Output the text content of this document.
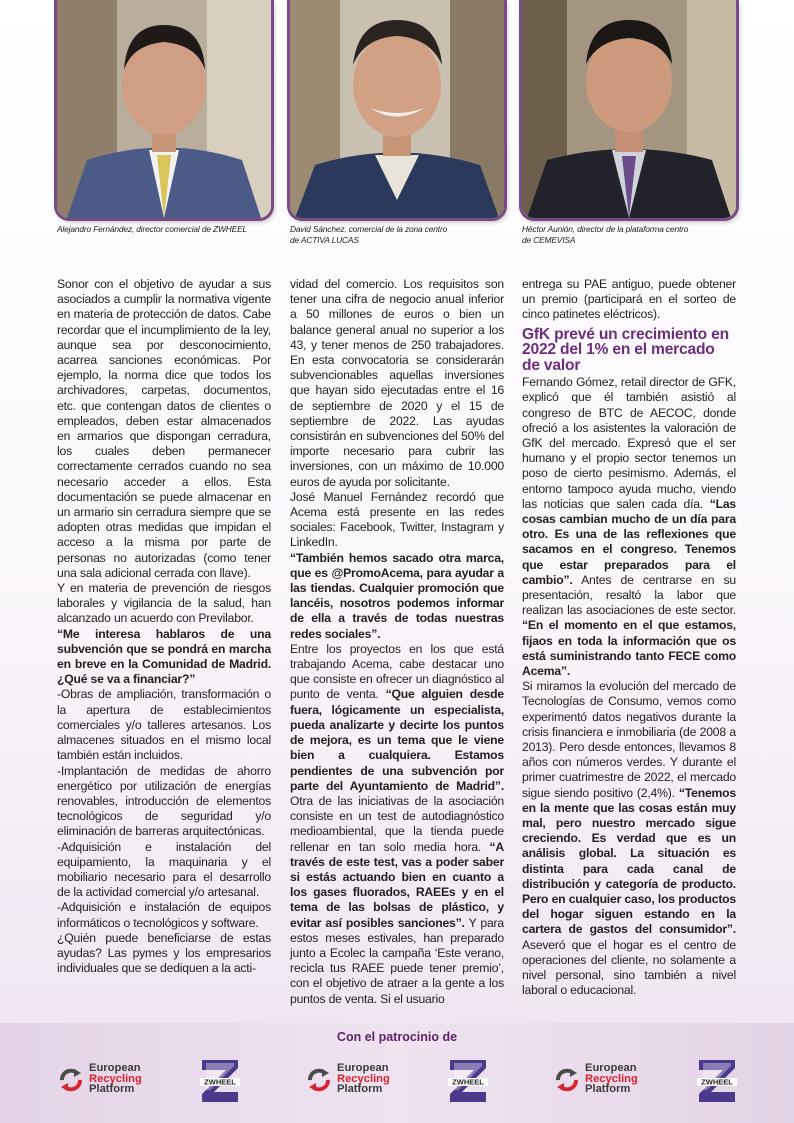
Alejandro Fernández, director comercial de ZWHEEL	David Sánchez, comercial de la zona centro
de ACTIVA LUCAS
Héctor Aunión, director de la plataforma centro
de CEMEVISA

Sonor con el objetivo de ayudar a sus asociados a cumplir la normativa vigente en materia de protección de datos. Cabe recordar que el incumplimiento de la ley, aunque sea por desconocimiento, acarrea sanciones económicas. Por ejemplo, la norma dice que todos los archivadores, carpetas, documentos, etc. que contengan datos de clientes o empleados, deben estar almacenados en armarios que dispongan cerradura, los cuales deben permanecer correctamente cerrados cuando no sea necesario acceder a ellos. Esta documentación se puede almacenar en un armario sin cerradura siempre que se adopten otras medidas que impidan el acceso a la misma por parte de personas no autorizadas (como tener una sala adicional cerrada con llave).

Y en materia de prevención de riesgos laborales y vigilancia de la salud, han alcanzado un acuerdo con Previlabor.

“Me interesa hablaros de una subvención que se pondrá en marcha en breve en la Comunidad de Madrid. ¿Qué se va a financiar?”

-Obras de ampliación, transformación o la apertura de establecimientos comerciales y/o talleres artesanos. Los almacenes situados en el mismo local también están incluidos.

-Implantación de medidas de ahorro energético por utilización de energías renovables, introducción de elementos tecnológicos de seguridad y/o eliminación de barreras arquitectónicas.

-Adquisición e instalación del equipamiento, la maquinaria y el mobiliario necesario para el desarrollo de la actividad comercial y/o artesanal.

-Adquisición e instalación de equipos informáticos o tecnológicos y software.

¿Quién puede beneficiarse de estas ayudas? Las pymes y los empresarios individuales que se dediquen a la acti-

vidad del comercio. Los requisitos son tener una cifra de negocio anual inferior a 50 millones de euros o bien un balance general anual no superior a los 43, y tener menos de 250 trabajadores. En esta convocatoria se considerarán subvencionables aquellas inversiones que hayan sido ejecutadas entre el 16 de septiembre de 2020 y el 15 de septiembre de 2022. Las ayudas consistirán en subvenciones del 50% del importe necesario para cubrir las inversiones, con un máximo de 10.000 euros de ayuda por solicitante.

José Manuel Fernández recordó que Acema está presente en las redes sociales: Facebook, Twitter, Instagram y LinkedIn.

“También hemos sacado otra marca, que es @PromoAcema, para ayudar a las tiendas. Cualquier promoción que lancéis, nosotros podemos informar de ella a través de todas nuestras redes sociales”.

Entre los proyectos en los que está trabajando Acema, cabe destacar uno que consiste en ofrecer un diagnóstico al punto de venta. “Que alguien desde fuera, lógicamente un especialista, pueda analizarte y decirte los puntos de mejora, es un tema que le viene bien a cualquiera. Estamos pendientes de una subvención por parte del Ayuntamiento de Madrid”. Otra de las iniciativas de la asociación consiste en un test de autodiagnóstico medioambiental, que la tienda puede rellenar en tan solo media hora. “A través de este test, vas a poder saber si estás actuando bien en cuanto a los gases fluorados, RAEEs y en el tema de las bolsas de plástico, y evitar así posibles sanciones”. Y para estos meses estivales, han preparado junto a Ecolec la campaña ‘Este verano, recicla tus RAEE puede tener premio’, con el objetivo de atraer a la gente a los puntos de venta. Si el usuario

entrega su PAE antiguo, puede obtener un premio (participará en el sorteo de cinco patinetes eléctricos).

GfK prevé un crecimiento en 2022 del 1% en el mercado de valor

Fernando Gómez, retail director de GFK, explicó que él también asistió al congreso de BTC de AECOC, donde ofreció a los asistentes la valoración de GfK del mercado. Expresó que el ser humano y el propio sector tenemos un poso de cierto pesimismo. Además, el entorno tampoco ayuda mucho, viendo las noticias que salen cada día. “Las cosas cambian mucho de un día para otro. Es una de las reflexiones que sacamos en el congreso. Tenemos que estar preparados para el cambio”. Antes de centrarse en su presentación, resaltó la labor que realizan las asociaciones de este sector. “En el momento en el que estamos, fijaos en toda la información que os está suministrando tanto FECE como Acema”.

Si miramos la evolución del mercado de Tecnologías de Consumo, vemos como experimentó datos negativos durante la crisis financiera e inmobiliaria (de 2008 a 2013). Pero desde entonces, llevamos 8 años con números verdes. Y durante el primer cuatrimestre de 2022, el mercado sigue siendo positivo (2,4%). “Tenemos en la mente que las cosas están muy mal, pero nuestro mercado sigue creciendo. Es verdad que es un análisis global. La situación es distinta para cada canal de distribución y categoría de producto. Pero en cualquier caso, los productos del hogar siguen estando en la cartera de gastos del consumidor”. Aseveró que el hogar es el centro de operaciones del cliente, no solamente a nivel personal, sino también a nivel laboral o educacional.

Con el patrocinio de
European
Recycling
Platform
European
Recycling
Platform
European
Recycling
Platform
ZWHEEL	ZWHEEL	ZWHEEL
